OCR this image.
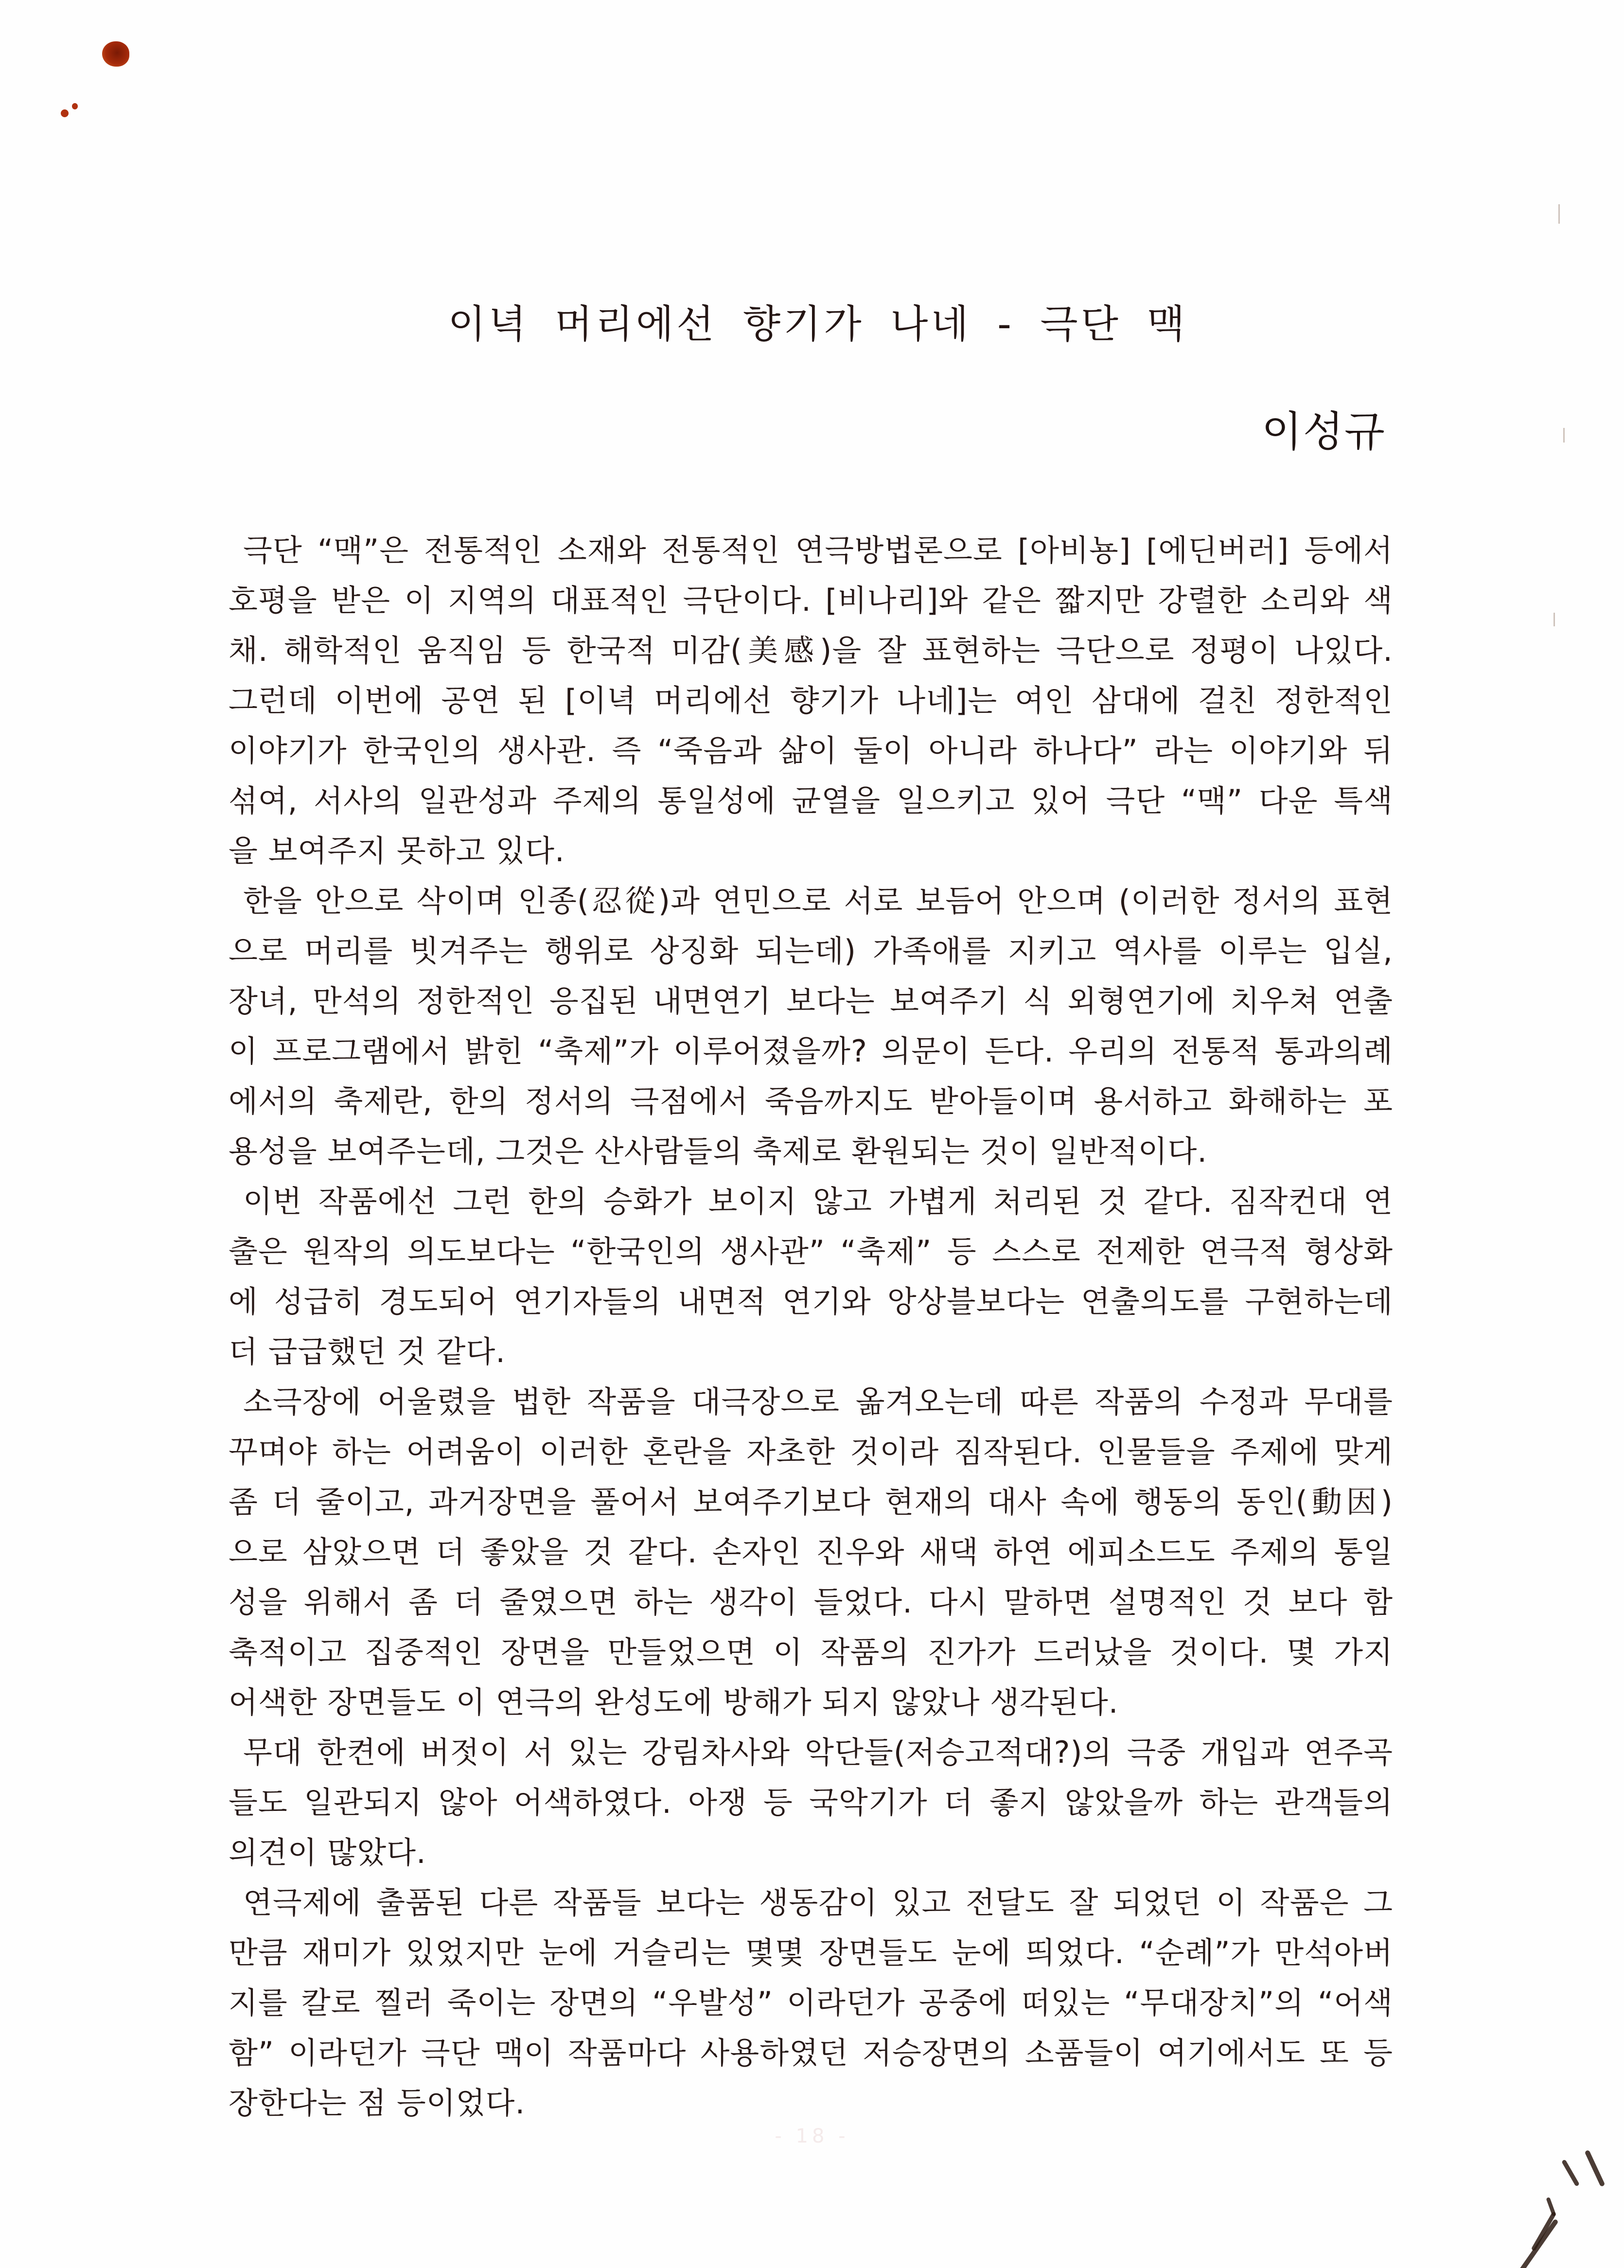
이녁 머리에선 향기가 나네 - 극단 맥
이성규
극단 “맥”은 전통적인 소재와 전통적인 연극방법론으로 [아비뇽] [에딘버러] 등에서
호평을 받은 이 지역의 대표적인 극단이다. [비나리]와 같은 짧지만 강렬한 소리와 색
채. 해학적인 움직임 등 한국적 미감(美感)을 잘 표현하는 극단으로 정평이 나있다.
그런데 이번에 공연 된 [이녁 머리에선 향기가 나네]는 여인 삼대에 걸친 정한적인
이야기가 한국인의 생사관. 즉 “죽음과 삶이 둘이 아니라 하나다” 라는 이야기와 뒤
섞여, 서사의 일관성과 주제의 통일성에 균열을 일으키고 있어 극단 “맥” 다운 특색
을 보여주지 못하고 있다.
한을 안으로 삭이며 인종(忍從)과 연민으로 서로 보듬어 안으며 (이러한 정서의 표현
으로 머리를 빗겨주는 행위로 상징화 되는데) 가족애를 지키고 역사를 이루는 입실,
장녀, 만석의 정한적인 응집된 내면연기 보다는 보여주기 식 외형연기에 치우쳐 연출
이 프로그램에서 밝힌 “축제”가 이루어졌을까? 의문이 든다. 우리의 전통적 통과의례
에서의 축제란, 한의 정서의 극점에서 죽음까지도 받아들이며 용서하고 화해하는 포
용성을 보여주는데, 그것은 산사람들의 축제로 환원되는 것이 일반적이다.
이번 작품에선 그런 한의 승화가 보이지 않고 가볍게 처리된 것 같다. 짐작컨대 연
출은 원작의 의도보다는 “한국인의 생사관” “축제” 등 스스로 전제한 연극적 형상화
에 성급히 경도되어 연기자들의 내면적 연기와 앙상블보다는 연출의도를 구현하는데
더 급급했던 것 같다.
소극장에 어울렸을 법한 작품을 대극장으로 옮겨오는데 따른 작품의 수정과 무대를
꾸며야 하는 어려움이 이러한 혼란을 자초한 것이라 짐작된다. 인물들을 주제에 맞게
좀 더 줄이고, 과거장면을 풀어서 보여주기보다 현재의 대사 속에 행동의 동인(動因)
으로 삼았으면 더 좋았을 것 같다. 손자인 진우와 새댁 하연 에피소드도 주제의 통일
성을 위해서 좀 더 줄였으면 하는 생각이 들었다. 다시 말하면 설명적인 것 보다 함
축적이고 집중적인 장면을 만들었으면 이 작품의 진가가 드러났을 것이다. 몇 가지
어색한 장면들도 이 연극의 완성도에 방해가 되지 않았나 생각된다.
무대 한켠에 버젓이 서 있는 강림차사와 악단들(저승고적대?)의 극중 개입과 연주곡
들도 일관되지 않아 어색하였다. 아쟁 등 국악기가 더 좋지 않았을까 하는 관객들의
의견이 많았다.
연극제에 출품된 다른 작품들 보다는 생동감이 있고 전달도 잘 되었던 이 작품은 그
만큼 재미가 있었지만 눈에 거슬리는 몇몇 장면들도 눈에 띄었다. “순례”가 만석아버
지를 칼로 찔러 죽이는 장면의 “우발성” 이라던가 공중에 떠있는 “무대장치”의 “어색
함” 이라던가 극단 맥이 작품마다 사용하였던 저승장면의 소품들이 여기에서도 또 등
장한다는 점 등이었다.
- 18 -
